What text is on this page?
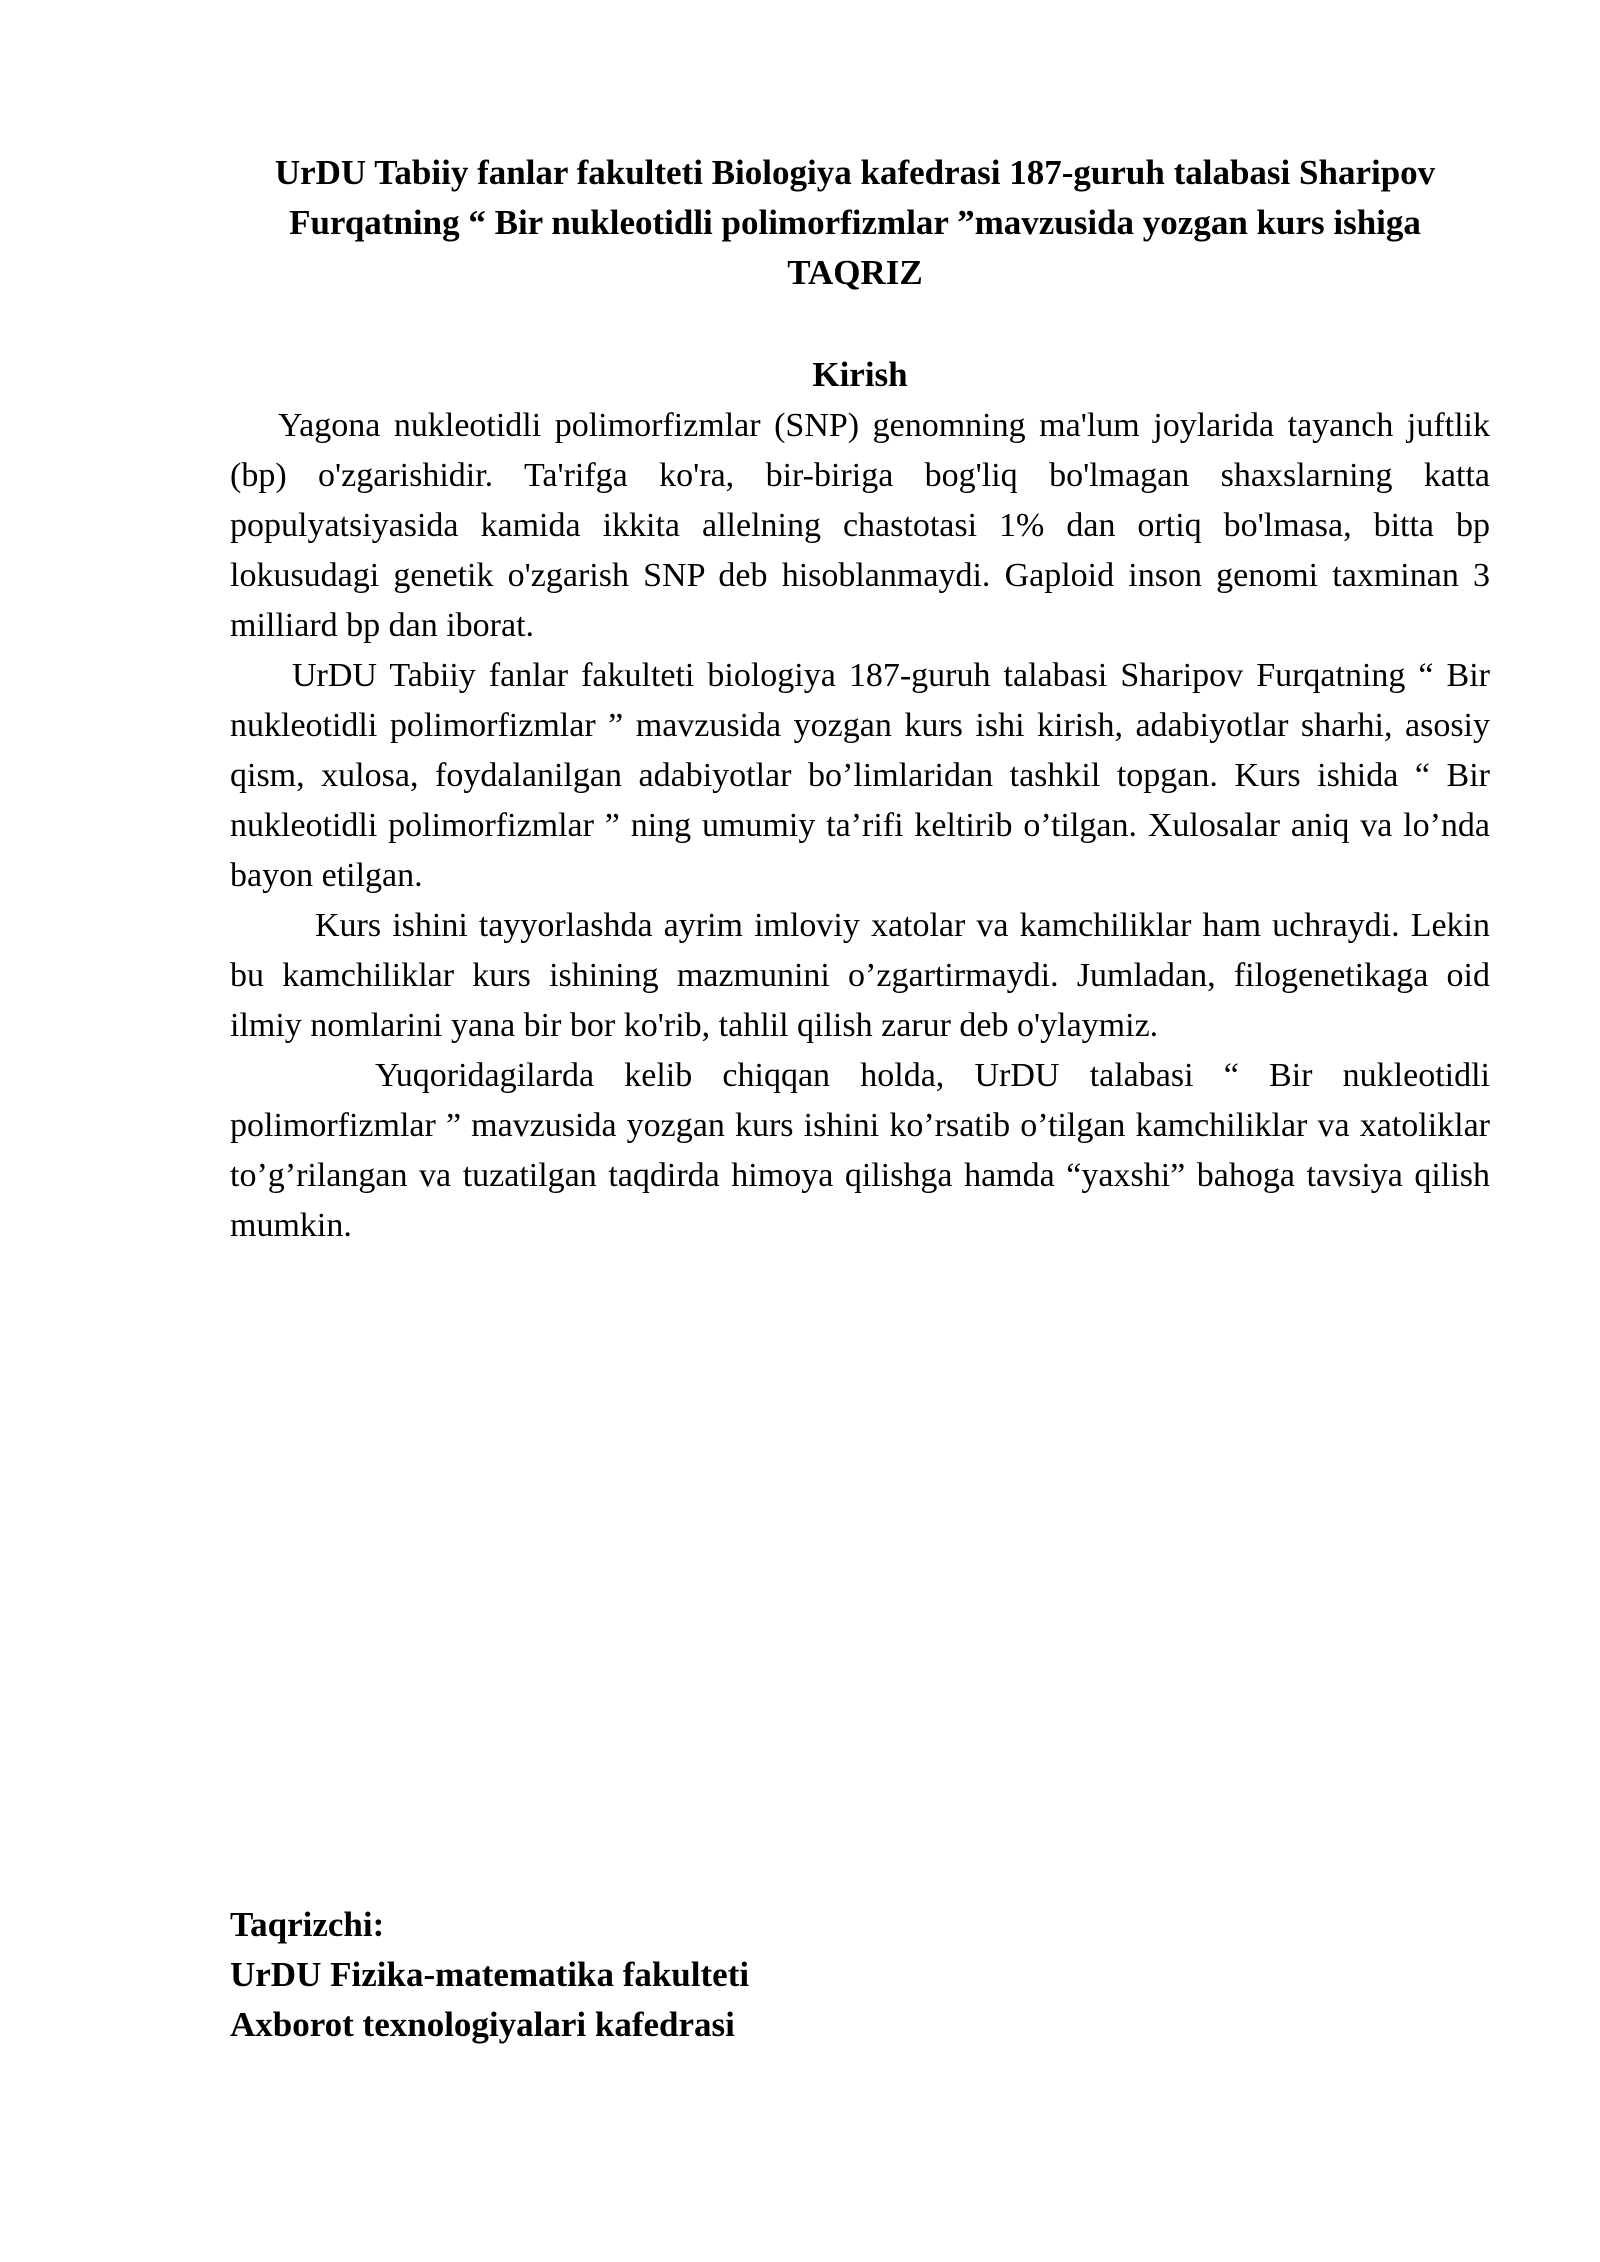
UrDU Tabiiy fanlar fakulteti Biologiya kafedrasi 187-guruh talabasi Sharipov
Furqatning “ Bir nukleotidli polimorfizmlar ”mavzusida yozgan kurs ishiga
TAQRIZ
Kirish

Yagona nukleotidli polimorfizmlar (SNP) genomning ma'lum joylarida tayanch juftlik (bp) o'zgarishidir. Ta'rifga ko'ra, bir-biriga bog'liq bo'lmagan shaxslarning katta populyatsiyasida kamida ikkita allelning chastotasi 1% dan ortiq bo'lmasa, bitta bp lokusudagi genetik o'zgarish SNP deb hisoblanmaydi. Gaploid inson genomi taxminan 3 milliard bp dan iborat.

UrDU Tabiiy fanlar fakulteti biologiya 187-guruh talabasi Sharipov Furqatning “ Bir nukleotidli polimorfizmlar ” mavzusida yozgan kurs ishi kirish, adabiyotlar sharhi, asosiy qism, xulosa, foydalanilgan adabiyotlar bo’limlaridan tashkil topgan. Kurs ishida “ Bir nukleotidli polimorfizmlar ” ning umumiy ta’rifi keltirib o’tilgan. Xulosalar aniq va lo’nda bayon etilgan.

Kurs ishini tayyorlashda ayrim imloviy xatolar va kamchiliklar ham uchraydi. Lekin bu kamchiliklar kurs ishining mazmunini o’zgartirmaydi. Jumladan, filogenetikaga oid ilmiy nomlarini yana bir bor ko'rib, tahlil qilish zarur deb o'ylaymiz.

Yuqoridagilarda kelib chiqqan holda, UrDU talabasi “ Bir nukleotidli polimorfizmlar ” mavzusida yozgan kurs ishini ko’rsatib o’tilgan kamchiliklar va xatoliklar to’g’rilangan va tuzatilgan taqdirda himoya qilishga hamda “yaxshi” bahoga tavsiya qilish mumkin.

Taqrizchi:
UrDU Fizika-matematika fakulteti
Axborot texnologiyalari kafedrasi
